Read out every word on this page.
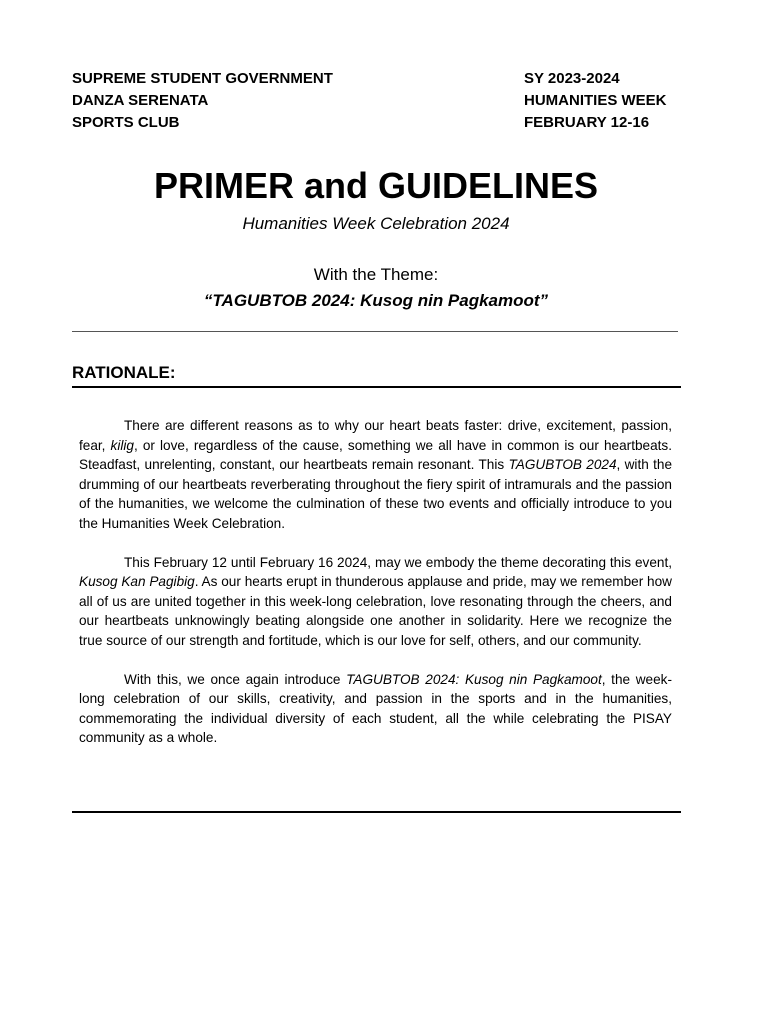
SUPREME STUDENT GOVERNMENT
DANZA SERENATA
SPORTS CLUB
SY 2023-2024
HUMANITIES WEEK
FEBRUARY 12-16
PRIMER and GUIDELINES
Humanities Week Celebration 2024
With the Theme:
“TAGUBTOB 2024: Kusog nin Pagkamoot”
RATIONALE:

There are different reasons as to why our heart beats faster: drive, excitement, passion, fear, kilig, or love, regardless of the cause, something we all have in common is our heartbeats. Steadfast, unrelenting, constant, our heartbeats remain resonant. This TAGUBTOB 2024, with the drumming of our heartbeats reverberating throughout the fiery spirit of intramurals and the passion of the humanities, we welcome the culmination of these two events and officially introduce to you the Humanities Week Celebration.

This February 12 until February 16 2024, may we embody the theme decorating this event, Kusog Kan Pagibig. As our hearts erupt in thunderous applause and pride, may we remember how all of us are united together in this week-long celebration, love resonating through the cheers, and our heartbeats unknowingly beating alongside one another in solidarity. Here we recognize the true source of our strength and fortitude, which is our love for self, others, and our community.

With this, we once again introduce TAGUBTOB 2024: Kusog nin Pagkamoot, the week-long celebration of our skills, creativity, and passion in the sports and in the humanities, commemorating the individual diversity of each student, all the while celebrating the PISAY community as a whole.
